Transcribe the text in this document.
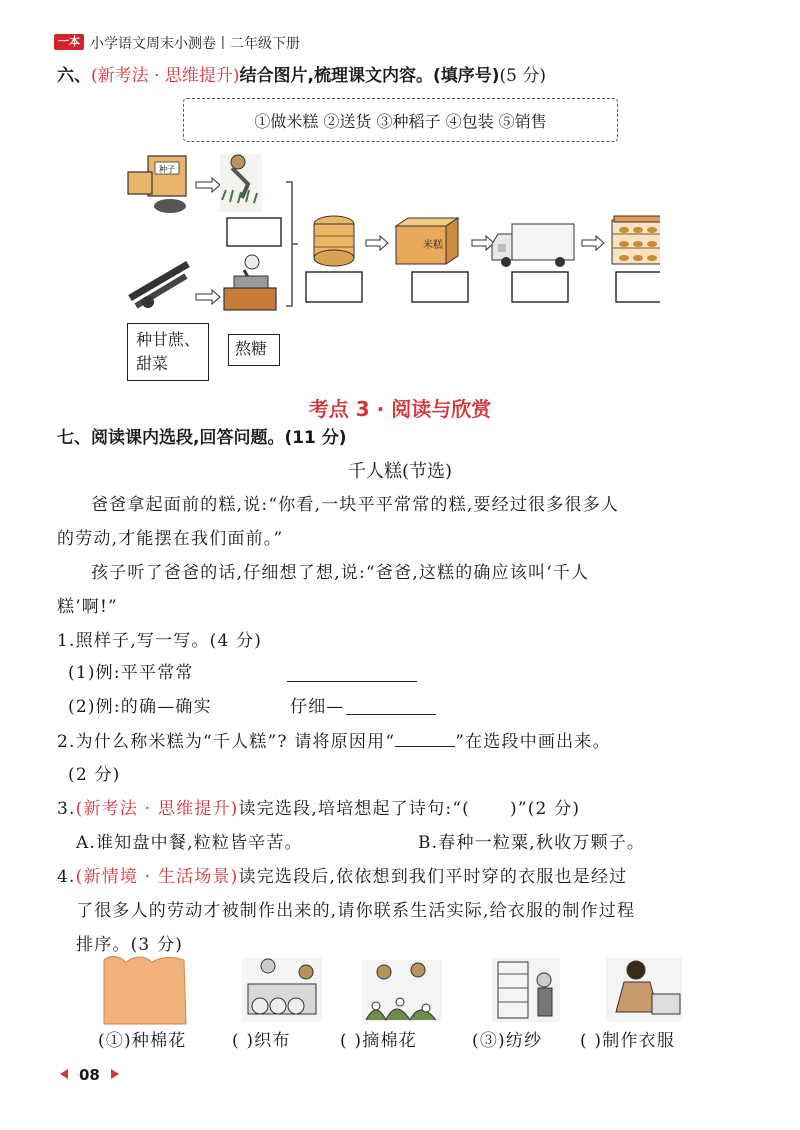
一本 小学语文周末小测卷丨二年级下册
六、(新考法 · 思维提升)结合图片,梳理课文内容。(填序号)(5 分)
①做米糕 ②送货 ③种稻子 ④包装 ⑤销售
种子
米糕
种甘蔗、甜菜
熬糖
考点 3 · 阅读与欣赏
七、阅读课内选段,回答问题。(11 分)
千人糕(节选)
爸爸拿起面前的糕,说:“你看,一块平平常常的糕,要经过很多很多人
的劳动,才能摆在我们面前。”
孩子听了爸爸的话,仔细想了想,说:“爸爸,这糕的确应该叫‘千人
糕’啊!”
1.照样子,写一写。(4 分)
(1)例:平平常常
(2)例:的确—确实	仔细—
2.为什么称米糕为“千人糕”? 请将原因用“	”在选段中画出来。
(2 分)
3.(新考法 · 思维提升)读完选段,培培想起了诗句:“( )”(2 分)
A.谁知盘中餐,粒粒皆辛苦。	B.春种一粒粟,秋收万颗子。
4.(新情境 · 生活场景)读完选段后,依依想到我们平时穿的衣服也是经过
了很多人的劳动才被制作出来的,请你联系生活实际,给衣服的制作过程
排序。(3 分)
(①)种棉花	( )织布	( )摘棉花	(③)纺纱 ( )制作衣服
08
